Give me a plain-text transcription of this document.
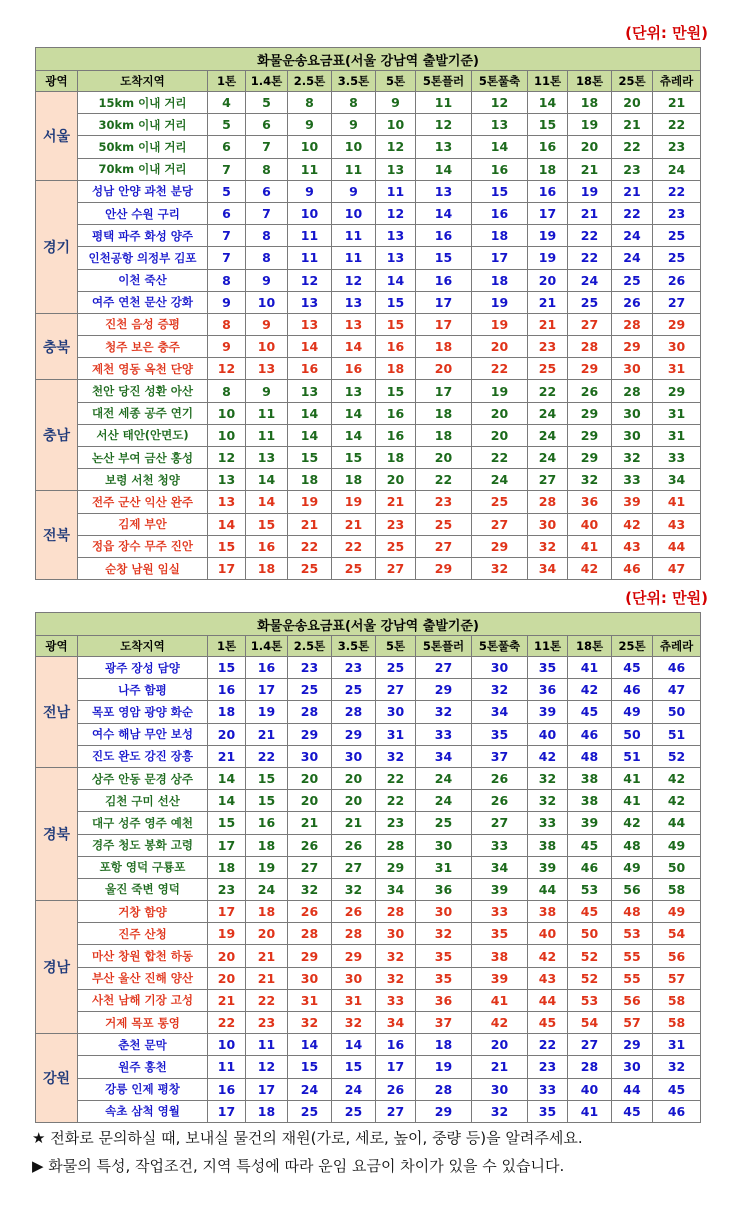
(단위: 만원)
화물운송요금표(서울 강남역 출발기준)												
광역	도착지역	1톤	1.4톤	2.5톤	3.5톤	5톤	5톤플러	5톤풀축	11톤	18톤	25톤	츄레라
서울	15km 이내 거리	4	5	8	8	9	11	12	14	18	20	21
	30km 이내 거리	5	6	9	9	10	12	13	15	19	21	22
	50km 이내 거리	6	7	10	10	12	13	14	16	20	22	23
	70km 이내 거리	7	8	11	11	13	14	16	18	21	23	24
경기	성남 안양 과천 분당	5	6	9	9	11	13	15	16	19	21	22
	안산 수원 구리	6	7	10	10	12	14	16	17	21	22	23
	평택 파주 화성 양주	7	8	11	11	13	16	18	19	22	24	25
	인천공항 의정부 김포	7	8	11	11	13	15	17	19	22	24	25
	이천 죽산	8	9	12	12	14	16	18	20	24	25	26
	여주 연천 문산 강화	9	10	13	13	15	17	19	21	25	26	27
충북	진천 음성 증평	8	9	13	13	15	17	19	21	27	28	29
	청주 보은 충주	9	10	14	14	16	18	20	23	28	29	30
	제천 영동 옥천 단양	12	13	16	16	18	20	22	25	29	30	31
충남	천안 당진 성환 아산	8	9	13	13	15	17	19	22	26	28	29
	대전 세종 공주 연기	10	11	14	14	16	18	20	24	29	30	31
	서산 태안(안면도)	10	11	14	14	16	18	20	24	29	30	31
	논산 부여 금산 홍성	12	13	15	15	18	20	22	24	29	32	33
	보령 서천 청양	13	14	18	18	20	22	24	27	32	33	34
전북	전주 군산 익산 완주	13	14	19	19	21	23	25	28	36	39	41
	김제 부안	14	15	21	21	23	25	27	30	40	42	43
	정읍 장수 무주 진안	15	16	22	22	25	27	29	32	41	43	44
	순창 남원 임실	17	18	25	25	27	29	32	34	42	46	47
(단위: 만원)
화물운송요금표(서울 강남역 출발기준)												
광역	도착지역	1톤	1.4톤	2.5톤	3.5톤	5톤	5톤플러	5톤풀축	11톤	18톤	25톤	츄레라
전남	광주 장성 담양	15	16	23	23	25	27	30	35	41	45	46
	나주 함평	16	17	25	25	27	29	32	36	42	46	47
	목포 영암 광양 화순	18	19	28	28	30	32	34	39	45	49	50
	여수 해남 무안 보성	20	21	29	29	31	33	35	40	46	50	51
	진도 완도 강진 장흥	21	22	30	30	32	34	37	42	48	51	52
경북	상주 안동 문경 상주	14	15	20	20	22	24	26	32	38	41	42
	김천 구미 선산	14	15	20	20	22	24	26	32	38	41	42
	대구 성주 영주 예천	15	16	21	21	23	25	27	33	39	42	44
	경주 청도 봉화 고령	17	18	26	26	28	30	33	38	45	48	49
	포항 영덕 구룡포	18	19	27	27	29	31	34	39	46	49	50
	울진 죽변 영덕	23	24	32	32	34	36	39	44	53	56	58
경남	거창 함양	17	18	26	26	28	30	33	38	45	48	49
	진주 산청	19	20	28	28	30	32	35	40	50	53	54
	마산 창원 합천 하동	20	21	29	29	32	35	38	42	52	55	56
	부산 울산 진해 양산	20	21	30	30	32	35	39	43	52	55	57
	사천 남해 기장 고성	21	22	31	31	33	36	41	44	53	56	58
	거제 목포 통영	22	23	32	32	34	37	42	45	54	57	58
강원	춘천 문막	10	11	14	14	16	18	20	22	27	29	31
	원주 홍천	11	12	15	15	17	19	21	23	28	30	32
	강릉 인제 평창	16	17	24	24	26	28	30	33	40	44	45
	속초 삼척 영월	17	18	25	25	27	29	32	35	41	45	46
★ 전화로 문의하실 때, 보내실 물건의 재원(가로, 세로, 높이, 중량 등)을 알려주세요.
▶ 화물의 특성, 작업조건, 지역 특성에 따라 운임 요금이 차이가 있을 수 있습니다.
